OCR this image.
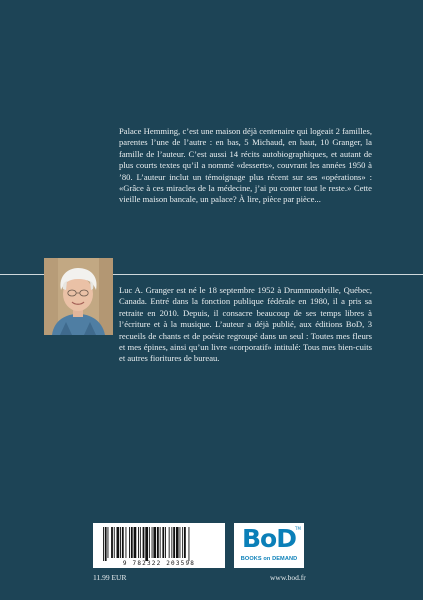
Palace Hemming, c’est une maison déjà centenaire qui logeait 2 familles, parentes l’une de l’autre : en bas, 5 Michaud, en haut, 10 Granger, la famille de l’auteur. C’est aussi 14 récits autobiographiques, et autant de plus courts textes qu’il a nommé «desserts», couvrant les années 1950 à ’80. L’auteur inclut un témoignage plus récent sur ses «opérations» : «Grâce à ces miracles de la médecine, j’ai pu conter tout le reste.» Cette vieille maison bancale, un palace? À lire, pièce par pièce...

Luc A. Granger est né le 18 septembre 1952 à Drummondville, Québec, Canada. Entré dans la fonction publique fédérale en 1980, il a pris sa retraite en 2010. Depuis, il consacre beaucoup de ses temps libres à l’écriture et à la musique. L’auteur a déjà publié, aux éditions BoD, 3 recueils de chants et de poésie regroupé dans un seul : Toutes mes fleurs et mes épines, ainsi qu’un livre «corporatif» intitulé: Tous mes bien-cuits et autres fioritures de bureau.

9 782322 203598
BoD TM
BOOKS on DEMAND
11.99 EUR	www.bod.fr
